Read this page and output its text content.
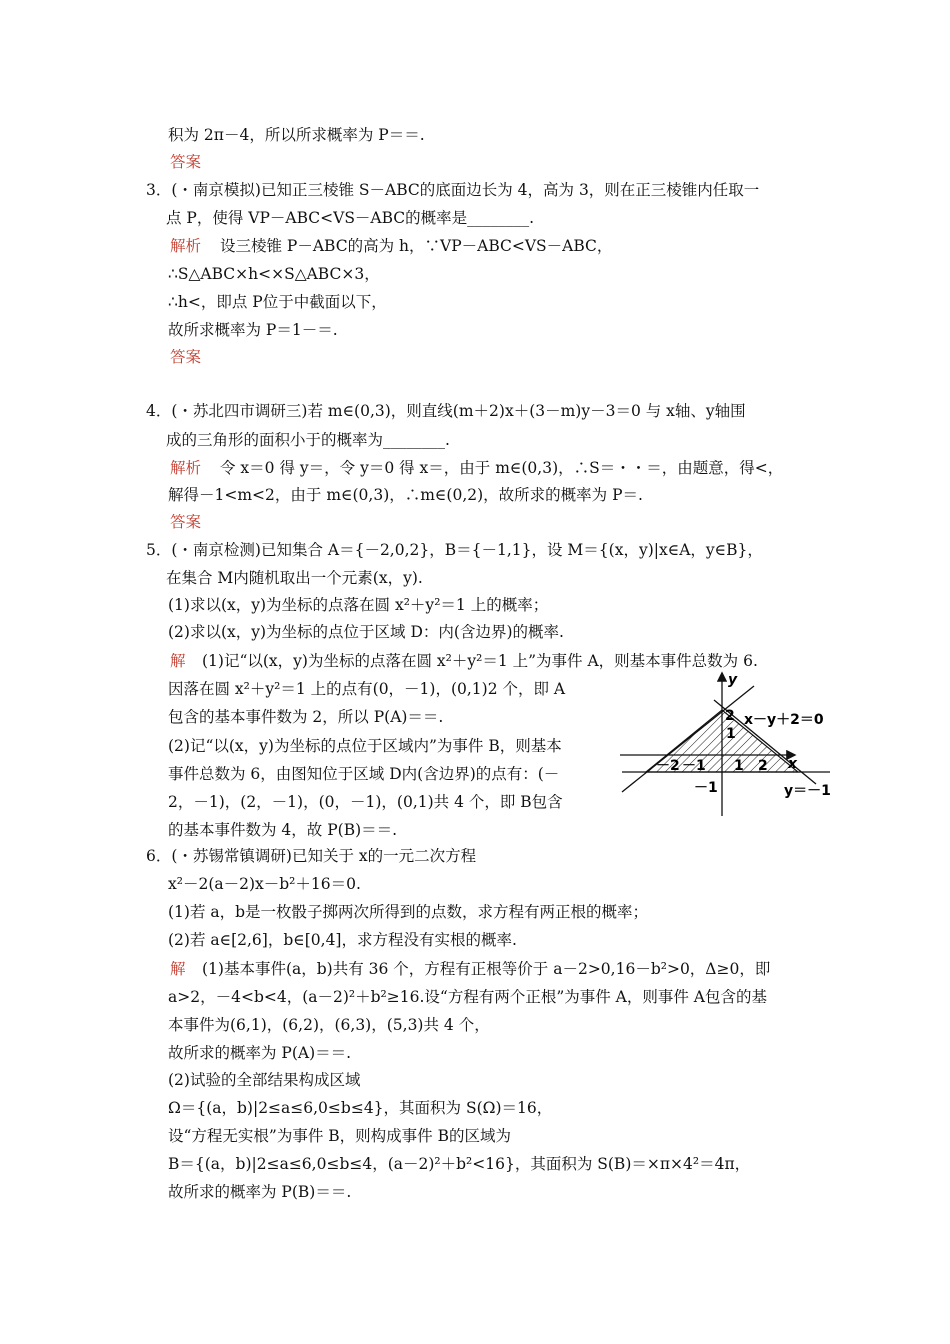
积为 2π－4，所以所求概率为 P＝＝.
答案
3．(・南京模拟)已知正三棱锥 S－ABC的底面边长为 4，高为 3，则在正三棱锥内任取一
点 P，使得 VP－ABC<VS－ABC的概率是________.
解析 设三棱锥 P－ABC的高为 h，∵VP－ABC<VS－ABC，
∴S△ABC×h<×S△ABC×3，
∴h<，即点 P位于中截面以下，
故所求概率为 P＝1－＝.
答案
4．(・苏北四市调研三)若 m∈(0,3)，则直线(m＋2)x＋(3－m)y－3＝0 与 x轴、y轴围
成的三角形的面积小于的概率为________.
解析 令 x＝0 得 y＝，令 y＝0 得 x＝，由于 m∈(0,3)，∴S＝・・＝，由题意，得<，
解得－1<m<2，由于 m∈(0,3)，∴m∈(0,2)，故所求的概率为 P＝.
答案
5．(・南京检测)已知集合 A＝{－2,0,2}，B＝{－1,1}，设 M＝{(x，y)|x∈A，y∈B}，
在集合 M内随机取出一个元素(x，y).
(1)求以(x，y)为坐标的点落在圆 x²＋y²＝1 上的概率；
(2)求以(x，y)为坐标的点位于区域 D：内(含边界)的概率.
解 (1)记“以(x，y)为坐标的点落在圆 x²＋y²＝1 上”为事件 A，则基本事件总数为 6.
因落在圆 x²＋y²＝1 上的点有(0，－1)，(0,1)2 个，即 A
包含的基本事件数为 2，所以 P(A)＝＝.
(2)记“以(x，y)为坐标的点位于区域内”为事件 B，则基本
事件总数为 6，由图知位于区域 D内(含边界)的点有：(－
2，－1)，(2，－1)，(0，－1)，(0,1)共 4 个，即 B包含
的基本事件数为 4，故 P(B)＝＝.
6．(・苏锡常镇调研)已知关于 x的一元二次方程
x²－2(a－2)x－b²＋16＝0.
(1)若 a，b是一枚骰子掷两次所得到的点数，求方程有两正根的概率；
(2)若 a∈[2,6]，b∈[0,4]，求方程没有实根的概率.
解 (1)基本事件(a，b)共有 36 个，方程有正根等价于 a－2>0,16－b²>0，Δ≥0，即
a>2，－4<b<4，(a－2)²＋b²≥16.设“方程有两个正根”为事件 A，则事件 A包含的基
本事件为(6,1)，(6,2)，(6,3)，(5,3)共 4 个，
故所求的概率为 P(A)＝＝.
(2)试验的全部结果构成区域
Ω＝{(a，b)|2≤a≤6,0≤b≤4}，其面积为 S(Ω)＝16，
设“方程无实根”为事件 B，则构成事件 B的区域为
B＝{(a，b)|2≤a≤6,0≤b≤4，(a－2)²＋b²<16}，其面积为 S(B)＝×π×4²＝4π，
故所求的概率为 P(B)＝＝.
y
x
x－y＋2＝0
y＝－1
2
1
－1
－2 －1 1 2
